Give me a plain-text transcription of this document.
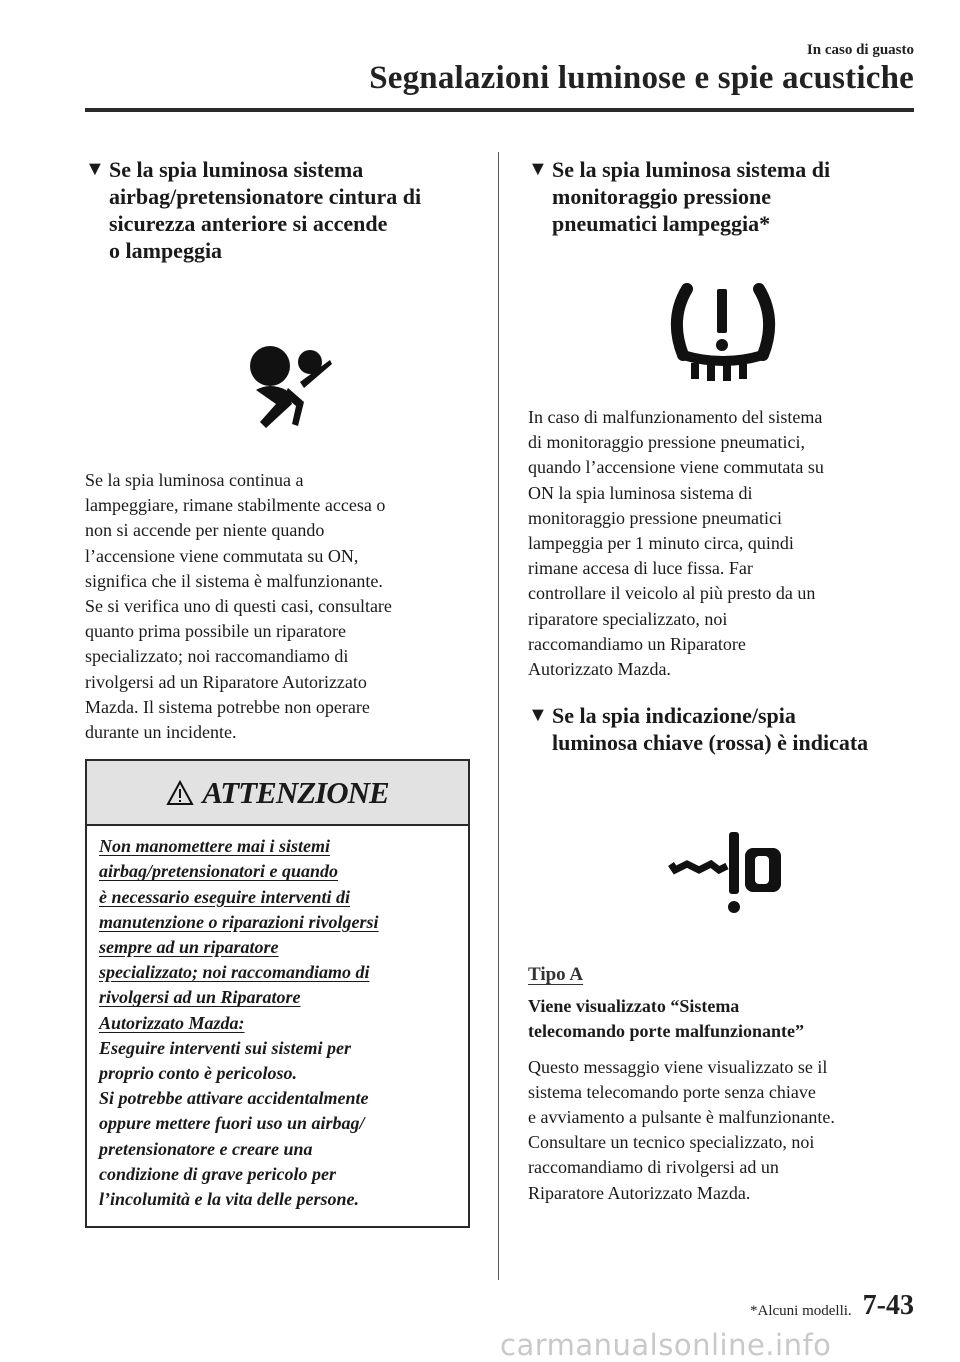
In caso di guasto
Segnalazioni luminose e spie acustiche
▼ Se la spia luminosa sistema
airbag/pretensionatore cintura di
sicurezza anteriore si accende
o lampeggia

Se la spia luminosa continua a
lampeggiare, rimane stabilmente accesa o
non si accende per niente quando
l’accensione viene commutata su ON,
significa che il sistema è malfunzionante.
Se si verifica uno di questi casi, consultare
quanto prima possibile un riparatore
specializzato; noi raccomandiamo di
rivolgersi ad un Riparatore Autorizzato
Mazda. Il sistema potrebbe non operare
durante un incidente.

ATTENZIONE

Non manomettere mai i sistemi
airbag/pretensionatori e quando
è necessario eseguire interventi di
manutenzione o riparazioni rivolgersi
sempre ad un riparatore
specializzato; noi raccomandiamo di
rivolgersi ad un Riparatore
Autorizzato Mazda:
Eseguire interventi sui sistemi per
proprio conto è pericoloso.
Si potrebbe attivare accidentalmente
oppure mettere fuori uso un airbag/
pretensionatore e creare una
condizione di grave pericolo per
l’incolumità e la vita delle persone.

▼ Se la spia luminosa sistema di
monitoraggio pressione
pneumatici lampeggia*

In caso di malfunzionamento del sistema
di monitoraggio pressione pneumatici,
quando l’accensione viene commutata su
ON la spia luminosa sistema di
monitoraggio pressione pneumatici
lampeggia per 1 minuto circa, quindi
rimane accesa di luce fissa. Far
controllare il veicolo al più presto da un
riparatore specializzato, noi
raccomandiamo un Riparatore
Autorizzato Mazda.

▼ Se la spia indicazione/spia
luminosa chiave (rossa) è indicata

Tipo A

Viene visualizzato “Sistema
telecomando porte malfunzionante”

Questo messaggio viene visualizzato se il
sistema telecomando porte senza chiave
e avviamento a pulsante è malfunzionante.
Consultare un tecnico specializzato, noi
raccomandiamo di rivolgersi ad un
Riparatore Autorizzato Mazda.

*Alcuni modelli. 7-43
carmanualsonline.info
